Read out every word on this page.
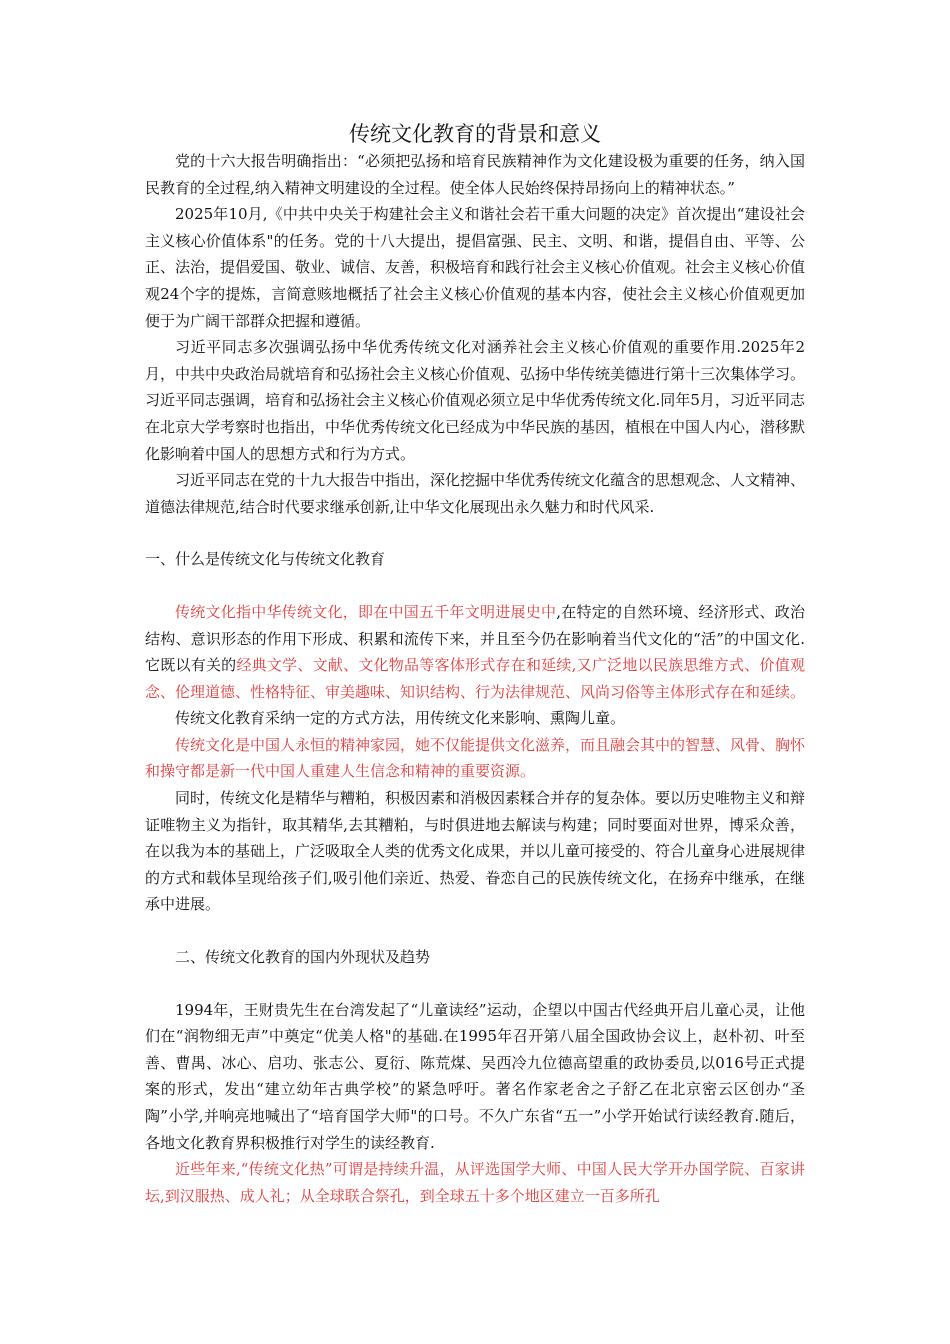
传统文化教育的背景和意义

党的十六大报告明确指出：“必须把弘扬和培育民族精神作为文化建设极为重要的任务，纳入国民教育的全过程,纳入精神文明建设的全过程。使全体人民始终保持昂扬向上的精神状态。”

2025年10月,《中共中央关于构建社会主义和谐社会若干重大问题的决定》首次提出“建设社会主义核心价值体系"的任务。党的十八大提出，提倡富强、民主、文明、和谐，提倡自由、平等、公正、法治，提倡爱国、敬业、诚信、友善，积极培育和践行社会主义核心价值观。社会主义核心价值观24个字的提炼，言简意赅地概括了社会主义核心价值观的基本内容，使社会主义核心价值观更加便于为广阔干部群众把握和遵循。

习近平同志多次强调弘扬中华优秀传统文化对涵养社会主义核心价值观的重要作用.2025年2月，中共中央政治局就培育和弘扬社会主义核心价值观、弘扬中华传统美德进行第十三次集体学习。习近平同志强调，培育和弘扬社会主义核心价值观必须立足中华优秀传统文化.同年5月，习近平同志在北京大学考察时也指出，中华优秀传统文化已经成为中华民族的基因，植根在中国人内心，潜移默化影响着中国人的思想方式和行为方式。

习近平同志在党的十九大报告中指出，深化挖掘中华优秀传统文化蕴含的思想观念、人文精神、道德法律规范,结合时代要求继承创新,让中华文化展现出永久魅力和时代风采.

一、什么是传统文化与传统文化教育

传统文化指中华传统文化，即在中国五千年文明进展史中,在特定的自然环境、经济形式、政治结构、意识形态的作用下形成、积累和流传下来，并且至今仍在影响着当代文化的“活”的中国文化.它既以有关的经典文学、文献、文化物品等客体形式存在和延续,又广泛地以民族思维方式、价值观念、伦理道德、性格特征、审美趣味、知识结构、行为法律规范、风尚习俗等主体形式存在和延续。

传统文化教育采纳一定的方式方法，用传统文化来影响、熏陶儿童。

传统文化是中国人永恒的精神家园，她不仅能提供文化滋养，而且融会其中的智慧、风骨、胸怀和操守都是新一代中国人重建人生信念和精神的重要资源。

同时，传统文化是精华与糟粕，积极因素和消极因素糅合并存的复杂体。要以历史唯物主义和辩证唯物主义为指针，取其精华,去其糟粕，与时俱进地去解读与构建；同时要面对世界，博采众善，在以我为本的基础上，广泛吸取全人类的优秀文化成果，并以儿童可接受的、符合儿童身心进展规律的方式和载体呈现给孩子们,吸引他们亲近、热爱、眷恋自己的民族传统文化，在扬弃中继承，在继承中进展。

二、传统文化教育的国内外现状及趋势

1994年，王财贵先生在台湾发起了“儿童读经”运动，企望以中国古代经典开启儿童心灵，让他们在“润物细无声”中奠定“优美人格"的基础.在1995年召开第八届全国政协会议上，赵朴初、叶至善、曹禺、冰心、启功、张志公、夏衍、陈荒煤、吴西冷九位德高望重的政协委员,以016号正式提案的形式，发出“建立幼年古典学校”的紧急呼吁。著名作家老舍之子舒乙在北京密云区创办“圣陶”小学,并响亮地喊出了“培育国学大师"的口号。不久广东省“五一”小学开始试行读经教育.随后，各地文化教育界积极推行对学生的读经教育.

近些年来,“传统文化热”可谓是持续升温，从评选国学大师、中国人民大学开办国学院、百家讲坛,到汉服热、成人礼；从全球联合祭孔，到全球五十多个地区建立一百多所孔
